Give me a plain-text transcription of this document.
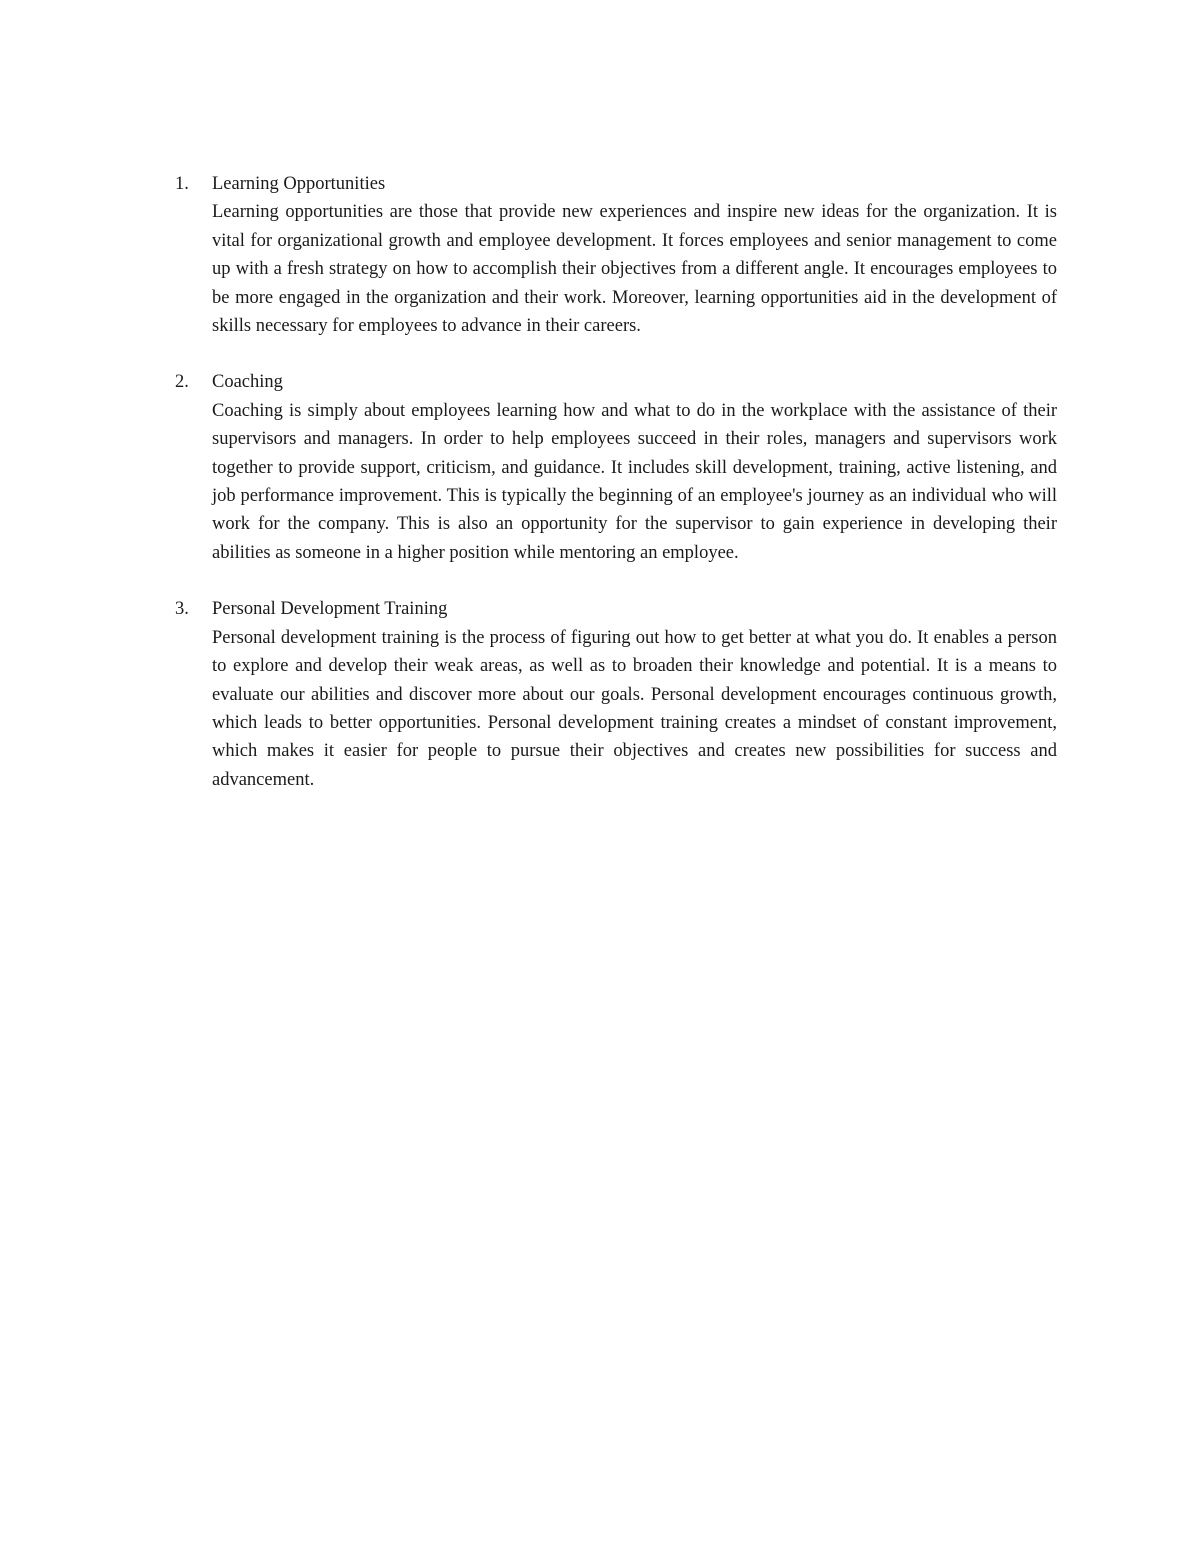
1. Learning Opportunities

Learning opportunities are those that provide new experiences and inspire new ideas for the organization. It is vital for organizational growth and employee development. It forces employees and senior management to come up with a fresh strategy on how to accomplish their objectives from a different angle. It encourages employees to be more engaged in the organization and their work. Moreover, learning opportunities aid in the development of skills necessary for employees to advance in their careers.

2. Coaching

Coaching is simply about employees learning how and what to do in the workplace with the assistance of their supervisors and managers. In order to help employees succeed in their roles, managers and supervisors work together to provide support, criticism, and guidance. It includes skill development, training, active listening, and job performance improvement. This is typically the beginning of an employee's journey as an individual who will work for the company. This is also an opportunity for the supervisor to gain experience in developing their abilities as someone in a higher position while mentoring an employee.

3. Personal Development Training

Personal development training is the process of figuring out how to get better at what you do. It enables a person to explore and develop their weak areas, as well as to broaden their knowledge and potential. It is a means to evaluate our abilities and discover more about our goals. Personal development encourages continuous growth, which leads to better opportunities. Personal development training creates a mindset of constant improvement, which makes it easier for people to pursue their objectives and creates new possibilities for success and advancement.
